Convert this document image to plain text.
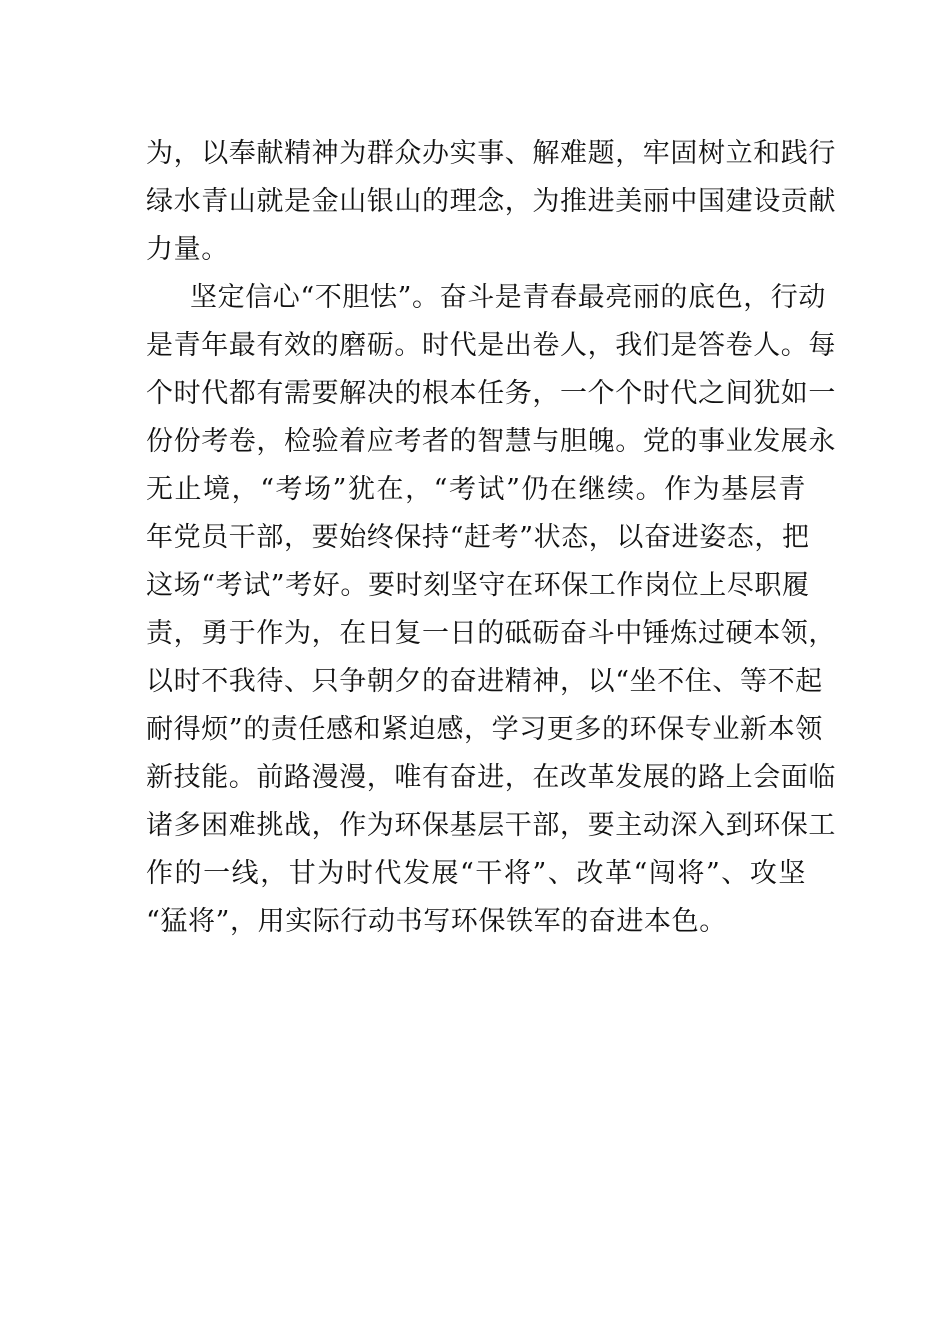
为，以奉献精神为群众办实事、解难题，牢固树立和践行
绿水青山就是金山银山的理念，为推进美丽中国建设贡献
力量。
坚定信心“不胆怯”。奋斗是青春最亮丽的底色，行动
是青年最有效的磨砺。时代是出卷人，我们是答卷人。每
个时代都有需要解决的根本任务，一个个时代之间犹如一
份份考卷，检验着应考者的智慧与胆魄。党的事业发展永
无止境，“考场”犹在，“考试”仍在继续。作为基层青
年党员干部，要始终保持“赶考”状态，以奋进姿态，把
这场“考试”考好。要时刻坚守在环保工作岗位上尽职履
责，勇于作为，在日复一日的砥砺奋斗中锤炼过硬本领，
以时不我待、只争朝夕的奋进精神，以“坐不住、等不起
耐得烦”的责任感和紧迫感，学习更多的环保专业新本领
新技能。前路漫漫，唯有奋进，在改革发展的路上会面临
诸多困难挑战，作为环保基层干部，要主动深入到环保工
作的一线，甘为时代发展“干将”、改革“闯将”、攻坚
“猛将”，用实际行动书写环保铁军的奋进本色。
